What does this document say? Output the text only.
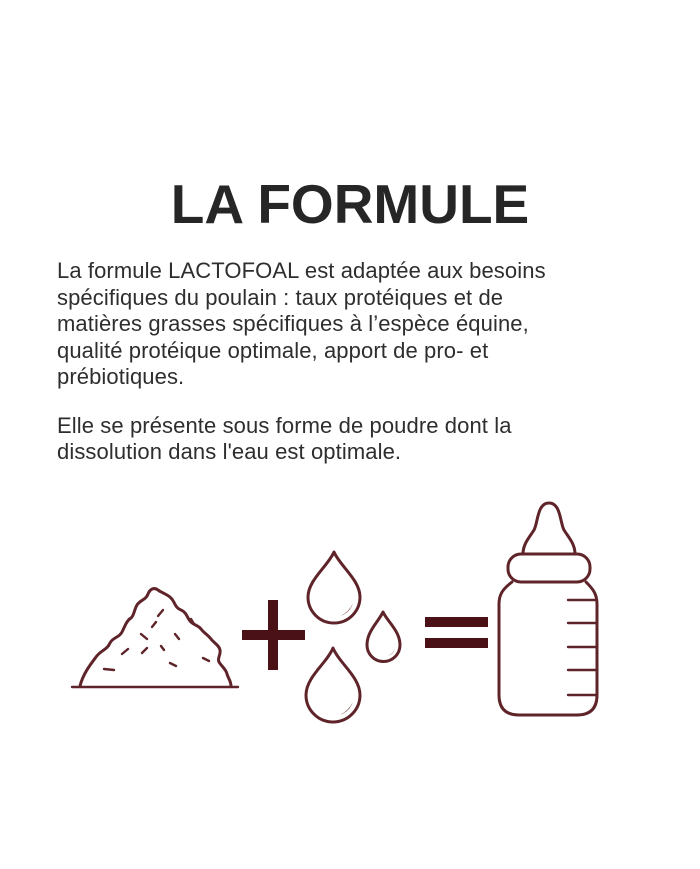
LA FORMULE

La formule LACTOFOAL est adaptée aux besoins
spécifiques du poulain : taux protéiques et de
matières grasses spécifiques à l’espèce équine,
qualité protéique optimale, apport de pro- et
prébiotiques.

Elle se présente sous forme de poudre dont la
dissolution dans l'eau est optimale.
